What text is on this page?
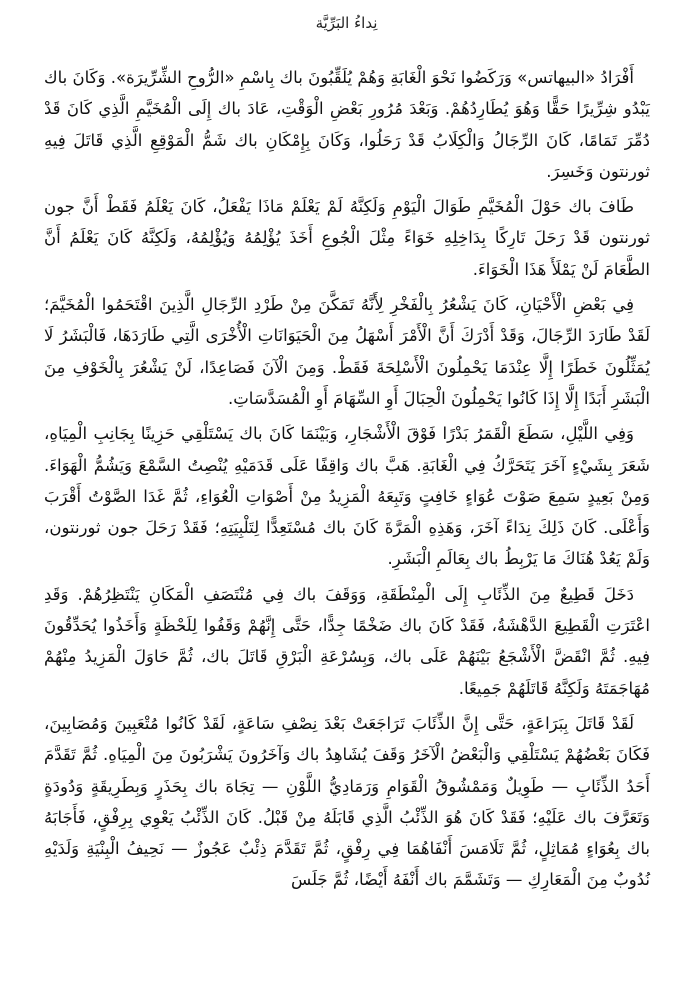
نِداءُ البَرِّيَّة

أَفْرَادُ «البيهاتس» وَرَكَضُوا نَحْوَ الْغَابَةِ وَهُمْ يُلَقِّبُونَ باك بِاسْمِ «الرُّوحِ الشِّرِّيرَة». وَكَانَ باك يَبْدُو شِرِّيرًا حَقًّا وَهُوَ يُطَارِدُهُمْ. وَبَعْدَ مُرُورِ بَعْضِ الْوَقْتِ، عَادَ باك إِلَى الْمُخَيَّمِ الَّذِي كَانَ قَدْ دُمِّرَ تَمَامًا، كَانَ الرِّجَالُ وَالْكِلَابُ قَدْ رَحَلُوا، وَكَانَ بِإِمْكَانِ باك شَمُّ الْمَوْقِعِ الَّذِي قَاتَلَ فِيهِ ثورنتون وَخَسِرَ.

طَافَ باك حَوْلَ الْمُخَيَّمِ طَوَالَ الْيَوْمِ وَلَكِنَّهُ لَمْ يَعْلَمْ مَاذَا يَفْعَلُ، كَانَ يَعْلَمُ فَقَطْ أَنَّ جون ثورنتون قَدْ رَحَلَ تَارِكًا بِدَاخِلِهِ خَوَاءً مِثْلَ الْجُوعِ أَخَذَ يُؤْلِمُهُ وَيُؤْلِمُهُ، وَلَكِنَّهُ كَانَ يَعْلَمُ أَنَّ الطَّعَامَ لَنْ يَمْلَأَ هَذَا الْخَوَاءَ.

فِي بَعْضِ الْأَحْيَانِ، كَانَ يَشْعُرُ بِالْفَخْرِ لِأَنَّهُ تَمَكَّنَ مِنْ طَرْدِ الرِّجَالِ الَّذِينَ اقْتَحَمُوا الْمُخَيَّمَ؛ لَقَدْ طَارَدَ الرِّجَالَ، وَقَدْ أَدْرَكَ أَنَّ الْأَمْرَ أَسْهَلُ مِنَ الْحَيَوَانَاتِ الْأُخْرَى الَّتِي طَارَدَهَا، فَالْبَشَرُ لَا يُمَثِّلُونَ خَطَرًا إِلَّا عِنْدَمَا يَحْمِلُونَ الْأَسْلِحَةَ فَقَطْ. وَمِنَ الْآنَ فَصَاعِدًا، لَنْ يَشْعُرَ بِالْخَوْفِ مِنَ الْبَشَرِ أَبَدًا إِلَّا إِذَا كَانُوا يَحْمِلُونَ الْحِبَالَ أَوِ السِّهَامَ أَوِ الْمُسَدَّسَاتِ.

وَفِي اللَّيْلِ، سَطَعَ الْقَمَرُ بَدْرًا فَوْقَ الْأَشْجَارِ، وَبَيْنَمَا كَانَ باك يَسْتَلْقِي حَزِينًا بِجَانِبِ الْمِيَاهِ، شَعَرَ بِشَيْءٍ آخَرَ يَتَحَرَّكُ فِي الْغَابَةِ. هَبَّ باك وَاقِفًا عَلَى قَدَمَيْهِ يُنْصِتُ السَّمْعَ وَيَشُمُّ الْهَوَاءَ. وَمِنْ بَعِيدٍ سَمِعَ صَوْتَ عُوَاءٍ خَافِتٍ وَتَبِعَهُ الْمَزِيدُ مِنْ أَصْوَاتِ الْعُوَاءِ، ثُمَّ غَدَا الصَّوْتُ أَقْرَبَ وَأَعْلَى. كَانَ ذَلِكَ نِدَاءً آخَرَ، وَهَذِهِ الْمَرَّةَ كَانَ باك مُسْتَعِدًّا لِتَلْبِيَتِهِ؛ فَقَدْ رَحَلَ جون ثورنتون، وَلَمْ يَعُدْ هُنَاكَ مَا يَرْبِطُ باك بِعَالَمِ الْبَشَرِ.

دَخَلَ قَطِيعٌ مِنَ الذِّئَابِ إِلَى الْمِنْطَقَةِ، وَوَقَفَ باك فِي مُنْتَصَفِ الْمَكَانِ يَنْتَظِرُهُمْ. وَقَدِ اعْتَرَتِ الْقَطِيعَ الدَّهْشَةُ، فَقَدْ كَانَ باك ضَخْمًا جِدًّا، حَتَّى إِنَّهُمْ وَقَفُوا لِلَحْظَةٍ وَأَخَذُوا يُحَدِّقُونَ فِيهِ. ثُمَّ انْقَضَّ الْأَشْجَعُ بَيْنَهُمْ عَلَى باك، وَبِسُرْعَةِ الْبَرْقِ قَاتَلَ باك، ثُمَّ حَاوَلَ الْمَزِيدُ مِنْهُمْ مُهَاجَمَتَهُ وَلَكِنَّهُ قَاتَلَهُمْ جَمِيعًا.

لَقَدْ قَاتَلَ بِبَرَاعَةٍ، حَتَّى إِنَّ الذِّئَابَ تَرَاجَعَتْ بَعْدَ نِصْفِ سَاعَةٍ، لَقَدْ كَانُوا مُتْعَبِينَ وَمُصَابِينَ، فَكَانَ بَعْضُهُمْ يَسْتَلْقِي وَالْبَعْضُ الْآخَرُ وَقَفَ يُشَاهِدُ باك وَآخَرُونَ يَشْرَبُونَ مِنَ الْمِيَاهِ. ثُمَّ تَقَدَّمَ أَحَدُ الذِّئَابِ — طَوِيلٌ وَمَمْشُوقُ الْقَوَامِ وَرَمَادِيُّ اللَّوْنِ — تِجَاهَ باك بِحَذَرٍ وَبِطَرِيقَةٍ وَدُودَةٍ وَتَعَرَّفَ باك عَلَيْهِ؛ فَقَدْ كَانَ هُوَ الذِّئْبُ الَّذِي قَابَلَهُ مِنْ قَبْلُ. كَانَ الذِّئْبُ يَعْوِي بِرِفْقٍ، فَأَجَابَهُ باك بِعُوَاءٍ مُمَاثِلٍ، ثُمَّ تَلَامَسَ أَنْفَاهُمَا فِي رِفْقٍ، ثُمَّ تَقَدَّمَ ذِئْبٌ عَجُوزٌ — نَحِيفُ الْبِنْيَةِ وَلَدَيْهِ نُدُوبٌ مِنَ الْمَعَارِكِ — وَتَشَمَّمَ باك أَنْفَهُ أَيْضًا، ثُمَّ جَلَسَ
